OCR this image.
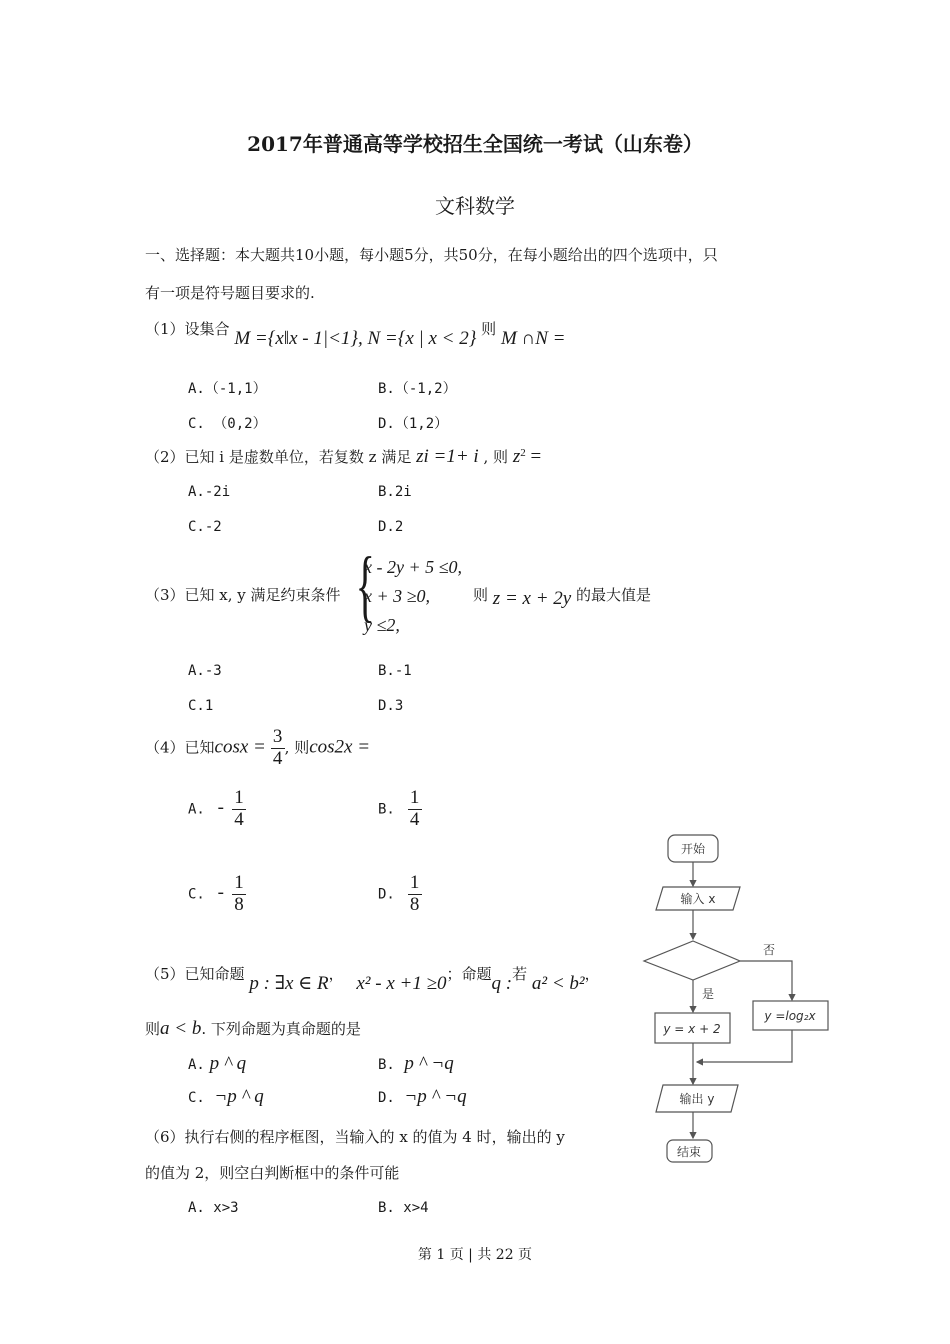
2017年普通高等学校招生全国统一考试（山东卷）
文科数学
一、选择题：本大题共10小题，每小题5分，共50分，在每小题给出的四个选项中，只
有一项是符号题目要求的.
（1）设集合 M ={x‖x - 1|<1}, N ={x | x < 2} 则 M ∩N =
A.（-1,1）	B.（-1,2）
C. （0,2）	D.（1,2）
（2）已知 i 是虚数单位，若复数 z 满足 zi =1+ i , 则 $z^2$ =
A.-2i	B.2i
C.-2	D.2
（3）已知 x, y 满足约束条件 {
x - 2y + 5 ≤0,
x + 3 ≥0,
y ≤2,
则 z = x + 2y 的最大值是
A.-3	B.-1
C.1	D.3
（4）已知$\cos x = \frac{3}{4}$ , 则cos2x =
A. - $\frac{1}{4}$	B. $\frac{1}{4}$
C. - $\frac{1}{8}$	D. $\frac{1}{8}$
（5）已知命题 p : ∃x ∈ R， x² - x +1 ≥0；命题q :若 a² < b²，
则a < b. 下列命题为真命题的是
A. p ^ q	B. p ^ ¬q
C. ¬p ^ q	D. ¬p ^ ¬q
（6）执行右侧的程序框图，当输入的 x 的值为 4 时，输出的 y
的值为 2，则空白判断框中的条件可能
A. x>3	B. x>4
开始
输入 x
否
是
y =log₂x
y = x + 2
输出 y
结束
第 1 页 | 共 22 页
